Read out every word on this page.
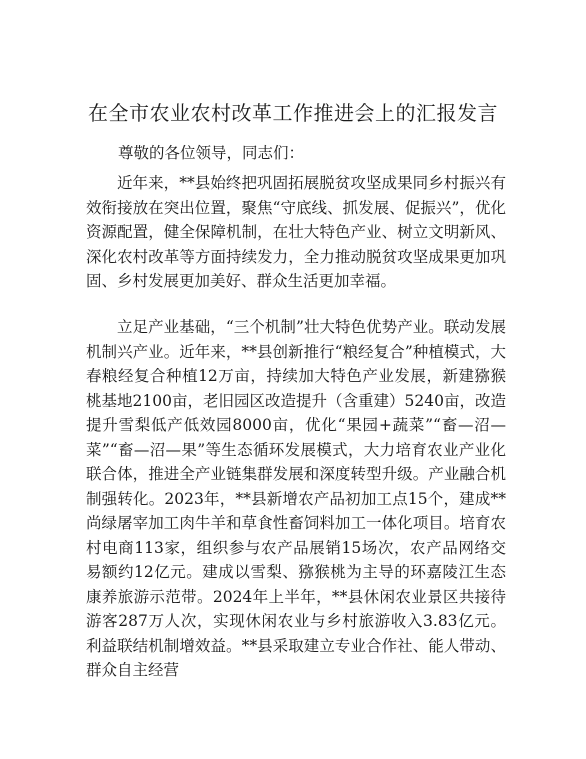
在全市农业农村改革工作推进会上的汇报发言
尊敬的各位领导，同志们：

近年来，**县始终把巩固拓展脱贫攻坚成果同乡村振兴有效衔接放在突出位置，聚焦“守底线、抓发展、促振兴”，优化资源配置，健全保障机制，在壮大特色产业、树立文明新风、深化农村改革等方面持续发力，全力推动脱贫攻坚成果更加巩固、乡村发展更加美好、群众生活更加幸福。

立足产业基础，“三个机制”壮大特色优势产业。联动发展机制兴产业。近年来，**县创新推行“粮经复合”种植模式，大春粮经复合种植12万亩，持续加大特色产业发展，新建猕猴桃基地2100亩，老旧园区改造提升（含重建）5240亩，改造提升雪梨低产低效园8000亩，优化“果园+蔬菜”“畜—沼—菜”“畜—沼—果”等生态循环发展模式，大力培育农业产业化联合体，推进全产业链集群发展和深度转型升级。产业融合机制强转化。2023年，**县新增农产品初加工点15个，建成**尚绿屠宰加工肉牛羊和草食性畜饲料加工一体化项目。培育农村电商113家，组织参与农产品展销15场次，农产品网络交易额约12亿元。建成以雪梨、猕猴桃为主导的环嘉陵江生态康养旅游示范带。2024年上半年，**县休闲农业景区共接待游客287万人次，实现休闲农业与乡村旅游收入3.83亿元。利益联结机制增效益。**县采取建立专业合作社、能人带动、群众自主经营
